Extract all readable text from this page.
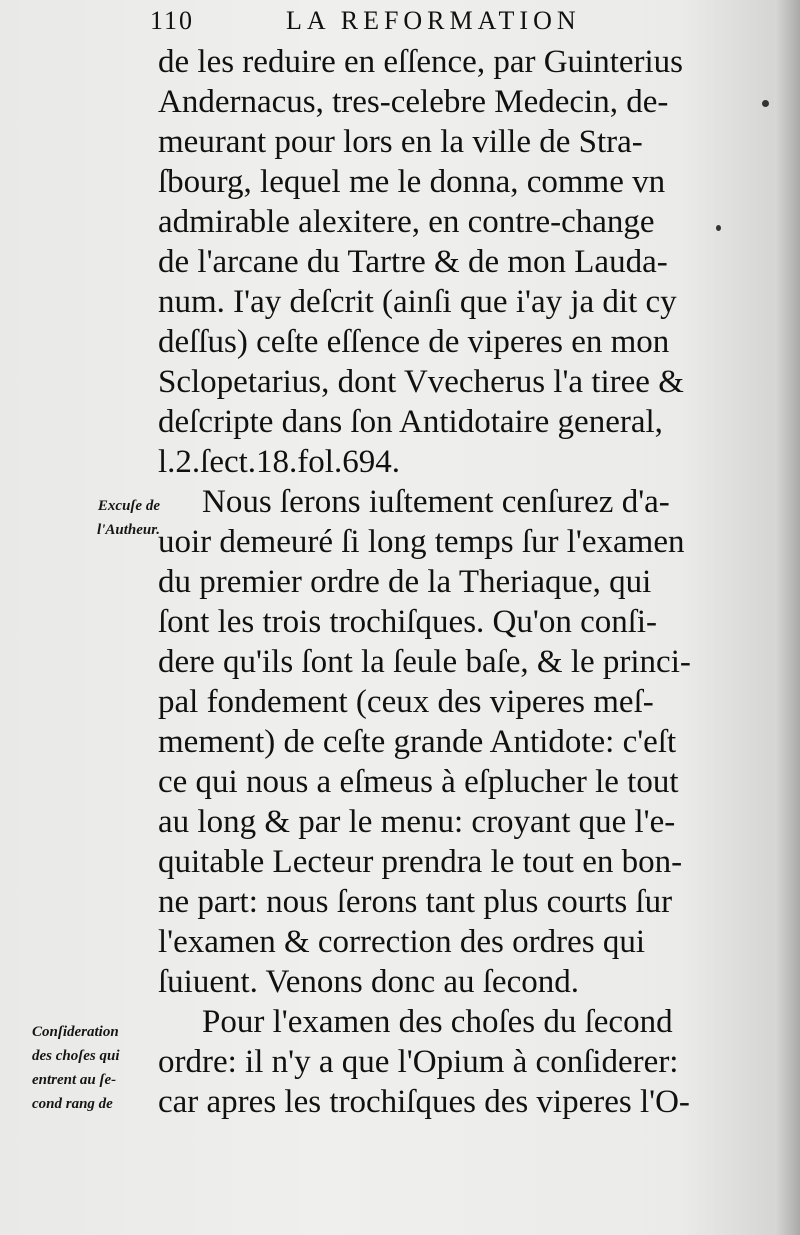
110	LA REFORMATION
de les reduire en eſſence, par Guinterius
Andernacus, tres-celebre Medecin, de-
meurant pour lors en la ville de Stra-
ſbourg, lequel me le donna, comme vn
admirable alexitere, en contre-change
de l'arcane du Tartre & de mon Lauda-
num. I'ay deſcrit (ainſi que i'ay ja dit cy
deſſus) ceſte eſſence de viperes en mon
Sclopetarius, dont Vvecherus l'a tiree &
deſcripte dans ſon Antidotaire general,
l.2.ſect.18.fol.694.
Nous ſerons iuſtement cenſurez d'a-
uoir demeuré ſi long temps ſur l'examen
du premier ordre de la Theriaque, qui
ſont les trois trochiſques. Qu'on conſi-
dere qu'ils ſont la ſeule baſe, & le princi-
pal fondement (ceux des viperes meſ-
mement) de ceſte grande Antidote: c'eſt
ce qui nous a eſmeus à eſplucher le tout
au long & par le menu: croyant que l'e-
quitable Lecteur prendra le tout en bon-
ne part: nous ſerons tant plus courts ſur
l'examen & correction des ordres qui
ſuiuent. Venons donc au ſecond.
Pour l'examen des choſes du ſecond
ordre: il n'y a que l'Opium à conſiderer:
car apres les trochiſques des viperes l'O-
Excuſe de
l'Autheur.
Conſideration
des choſes qui
entrent au ſe-
cond rang de
